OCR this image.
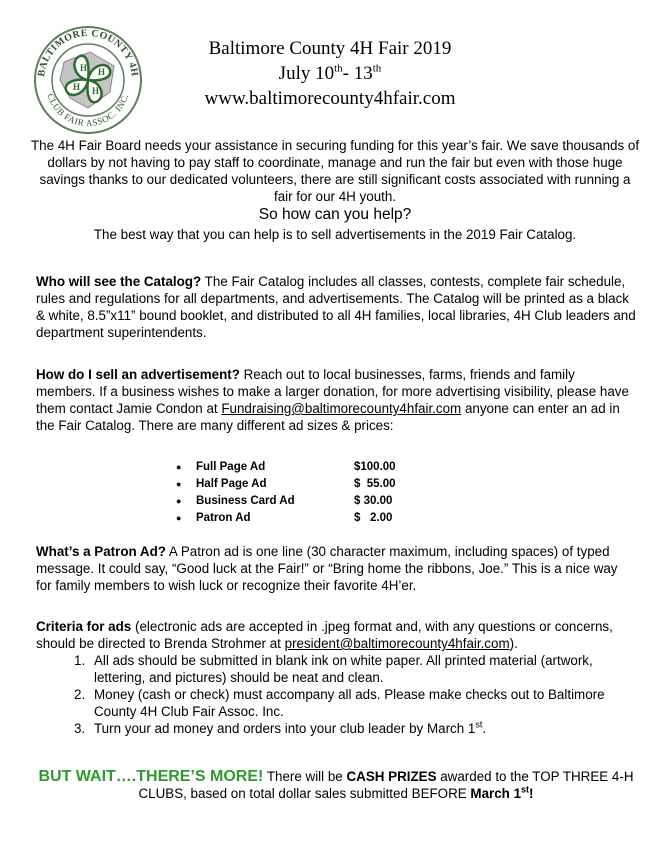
H H
H
H
BALTIMORE COUNTY 4H
CLUB FAIR ASSOC. INC.
Baltimore County 4H Fair 2019
July 10th- 13th
www.baltimorecounty4hfair.com

The 4H Fair Board needs your assistance in securing funding for this year’s fair. We save thousands of dollars by not having to pay staff to coordinate, manage and run the fair but even with those huge savings thanks to our dedicated volunteers, there are still significant costs associated with running a fair for our 4H youth.

So how can you help?

The best way that you can help is to sell advertisements in the 2019 Fair Catalog.

Who will see the Catalog? The Fair Catalog includes all classes, contests, complete fair schedule, rules and regulations for all departments, and advertisements. The Catalog will be printed as a black & white, 8.5”x11” bound booklet, and distributed to all 4H families, local libraries, 4H Club leaders and department superintendents.

How do I sell an advertisement? Reach out to local businesses, farms, friends and family members. If a business wishes to make a larger donation, for more advertising visibility, please have them contact Jamie Condon at Fundraising@baltimorecounty4hfair.com anyone can enter an ad in the Fair Catalog. There are many different ad sizes & prices:

●	Full Page Ad	$100.00
●	Half Page Ad	$  55.00
●	Business Card Ad	$ 30.00
●	Patron Ad	$   2.00

What’s a Patron Ad? A Patron ad is one line (30 character maximum, including spaces) of typed message. It could say, “Good luck at the Fair!” or “Bring home the ribbons, Joe.” This is a nice way for family members to wish luck or recognize their favorite 4H’er.

Criteria for ads (electronic ads are accepted in .jpeg format and, with any questions or concerns, should be directed to Brenda Strohmer at president@baltimorecounty4hfair.com).

1. All ads should be submitted in blank ink on white paper. All printed material (artwork, lettering, and pictures) should be neat and clean.
2. Money (cash or check) must accompany all ads. Please make checks out to Baltimore County 4H Club Fair Assoc. Inc.
3. Turn your ad money and orders into your club leader by March 1st.

BUT WAIT….THERE’S MORE! There will be CASH PRIZES awarded to the TOP THREE 4-H CLUBS, based on total dollar sales submitted BEFORE March 1st!
